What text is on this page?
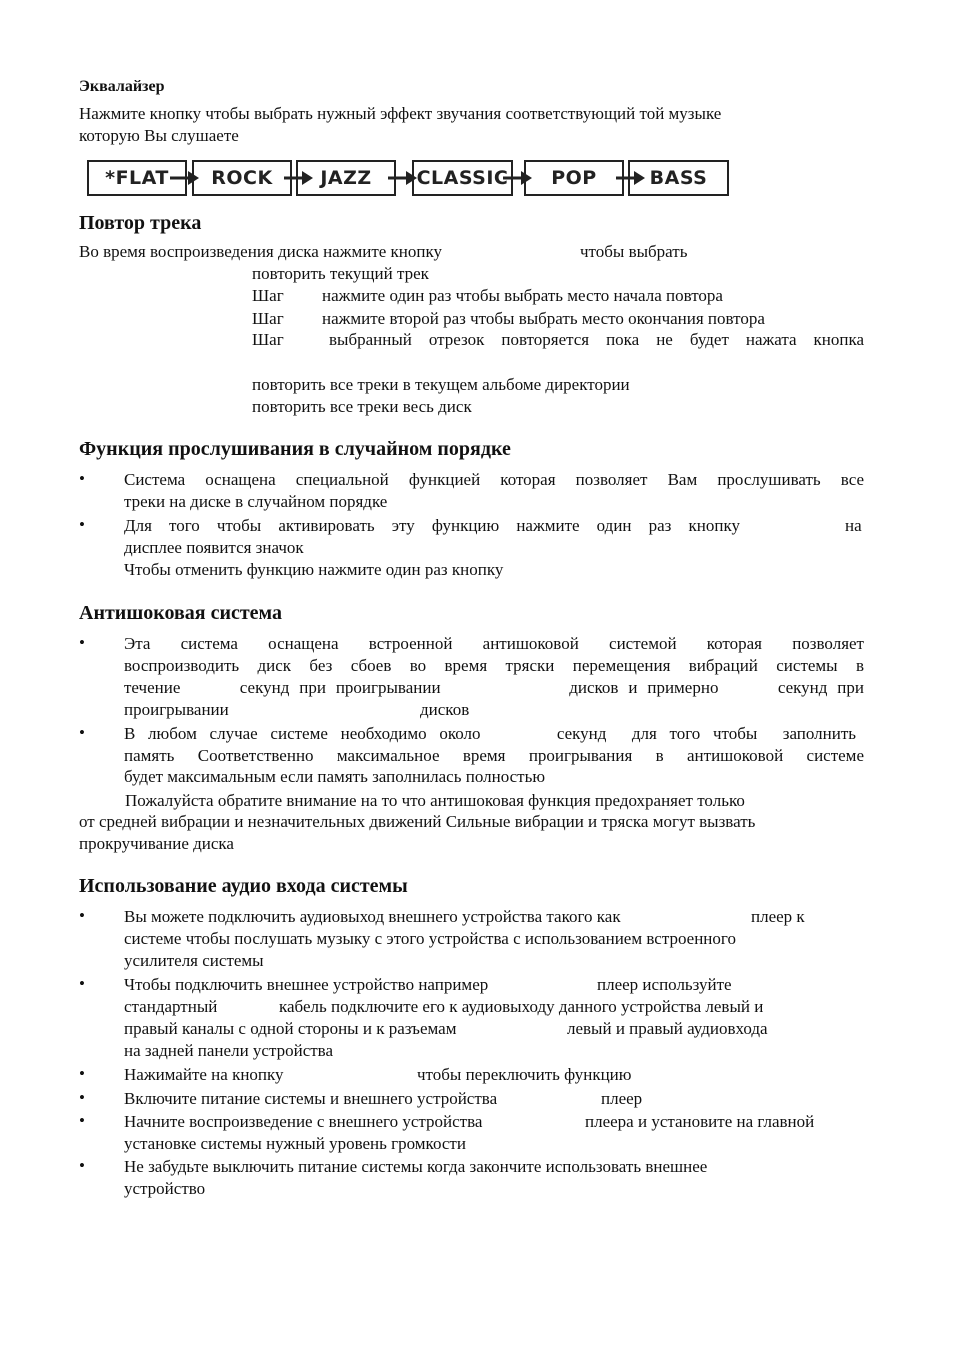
Эквалайзер
Нажмите кнопку чтобы выбрать нужный эффект звучания соответствующий той музыке
которую Вы слушаете
*FLAT	ROCK	JAZZ	CLASSIC	POP	BASS
Повтор трека
Во время воспроизведения диска нажмите кнопку	чтобы выбрать
повторить текущий трек
Шаг нажмите один раз чтобы выбрать место начала повтора
Шаг нажмите второй раз чтобы выбрать место окончания повтора
Шаг	выбранный отрезок повторяется пока не будет нажата кнопка
повторить все треки в текущем альбоме директории
повторить все треки весь диск
Функция прослушивания в случайном порядке
• Система оснащена специальной функцией которая позволяет Вам прослушивать все
треки на диске в случайном порядке
• Для того чтобы активировать эту функцию нажмите один раз кнопку	на
дисплее появится значок
Чтобы отменить функцию нажмите один раз кнопку
Антишоковая система
• Эта система оснащена встроенной антишоковой системой которая позволяет
воспроизводить диск без сбоев во время тряски перемещения вибраций системы в
течение      секунд при проигрывании             дисков и примерно      секунд при
проигрывании	дисков
• В любом случае системе необходимо около      секунд  для того чтобы  заполнить
память Соответственно максимальное время проигрывания в антишоковой системе
будет максимальным если память заполнилась полностью
Пожалуйста обратите внимание на то что антишоковая функция предохраняет только
от средней вибрации и незначительных движений Сильные вибрации и тряска могут вызвать
прокручивание диска
Использование аудио входа системы
• Вы можете подключить аудиовыход внешнего устройства такого как	плеер к
системе чтобы послушать музыку с этого устройства с использованием встроенного
усилителя системы
• Чтобы подключить внешнее устройство например	плеер используйте
стандартный	кабель подключите его к аудиовыходу данного устройства левый и
правый каналы с одной стороны и к разъемам	левый и правый аудиовхода
на задней панели устройства
• Нажимайте на кнопку	чтобы переключить функцию
• Включите питание системы и внешнего устройства	плеер
• Начните воспроизведение с внешнего устройства	плеера и установите на главной
установке системы нужный уровень громкости
• Не забудьте выключить питание системы когда закончите использовать внешнее
устройство
